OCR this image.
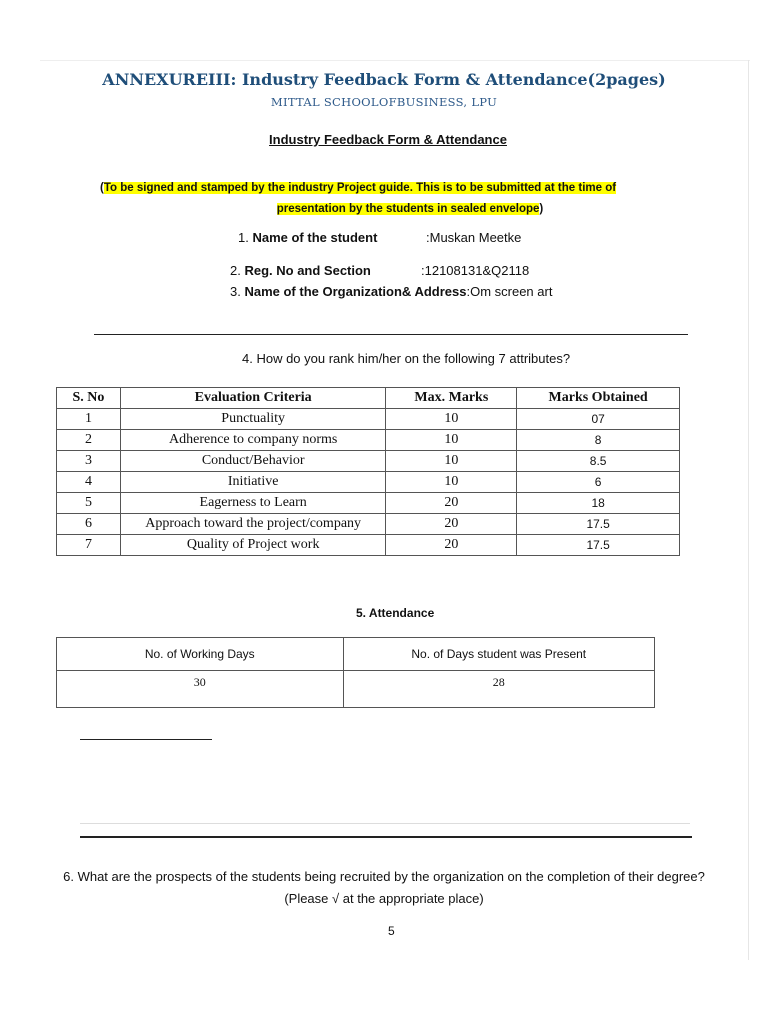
ANNEXUREIII: Industry Feedback Form & Attendance(2pages)
MITTAL SCHOOLOFBUSINESS, LPU
Industry Feedback Form & Attendance
(To be signed and stamped by the industry Project guide. This is to be submitted at the time of
presentation by the students in sealed envelope)
1. Name of the student	:Muskan Meetke
2. Reg. No and Section	:12108131&Q2118
3. Name of the Organization& Address:Om screen art
4. How do you rank him/her on the following 7 attributes?
S. No	Evaluation Criteria	Max. Marks	Marks Obtained
1	Punctuality	10	07
2	Adherence to company norms	10	8
3	Conduct/Behavior	10	8.5
4	Initiative	10	6
5	Eagerness to Learn	20	18
6	Approach toward the project/company	20	17.5
7	Quality of Project work	20	17.5
5. Attendance
No. of Working Days	No. of Days student was Present
30	28
6. What are the prospects of the students being recruited by the organization on the completion of their degree? (Please √ at the appropriate place)
5
